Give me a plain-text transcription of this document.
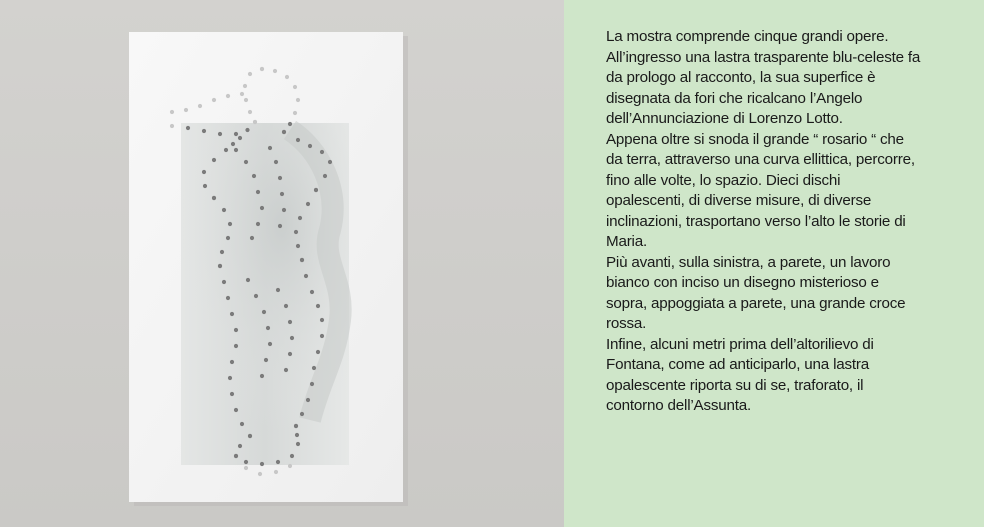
La mostra comprende cinque grandi opere. All’ingresso una lastra trasparente blu-celeste fa da prologo al racconto, la sua superfice è disegnata da fori che ricalcano l’Angelo dell’Annunciazione di Lorenzo Lotto.

Appena oltre si snoda il grande “ rosario “ che da terra, attraverso una curva ellittica, percorre, fino alle volte, lo spazio. Dieci dischi opalescenti, di diverse misure, di diverse inclinazioni, trasportano verso l’alto le storie di Maria.

Più avanti, sulla sinistra, a parete, un lavoro bianco con inciso un disegno misterioso e sopra, appoggiata a parete, una grande croce rossa.

Infine, alcuni metri prima dell’altorilievo di Fontana, come ad anticiparlo, una lastra opalescente riporta su di se, traforato, il contorno dell’Assunta.
